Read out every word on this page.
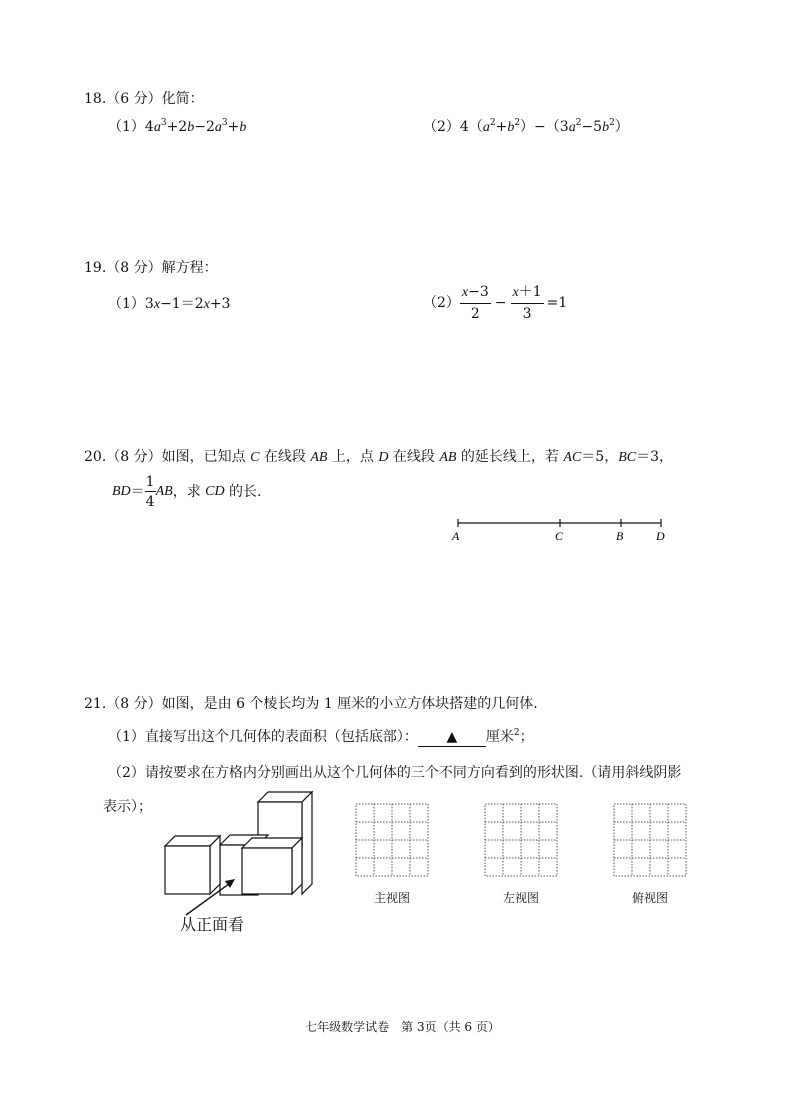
18.（6 分）化简：
$(1)4a^3+2b-2a^3+b$	$(2)4(a^2+b^2)-(3a^2-5b^2)$
19.（8 分）解方程：
（1）3x−1＝2x+3	$(2) \frac{x-3}{2} - \frac{x+1}{3} =1$
20.（8 分）如图，已知点 C 在线段 AB 上，点 D 在线段 AB 的延长线上，若 AC＝5，BC＝3，
$BD= \frac{1}{4}$ AB，求 CD 的长.
A	C	B	D
21.（8 分）如图，是由 6 个棱长均为 1 厘米的小立方体块搭建的几何体.
（1）直接写出这个几何体的表面积（包括底部）： ▲ 厘米$^2$；
（2）请按要求在方格内分别画出从这个几何体的三个不同方向看到的形状图.（请用斜线阴影
表示）；
从正面看
主视图	左视图	俯视图
七年级数学试卷　第 3页（共 6 页）
